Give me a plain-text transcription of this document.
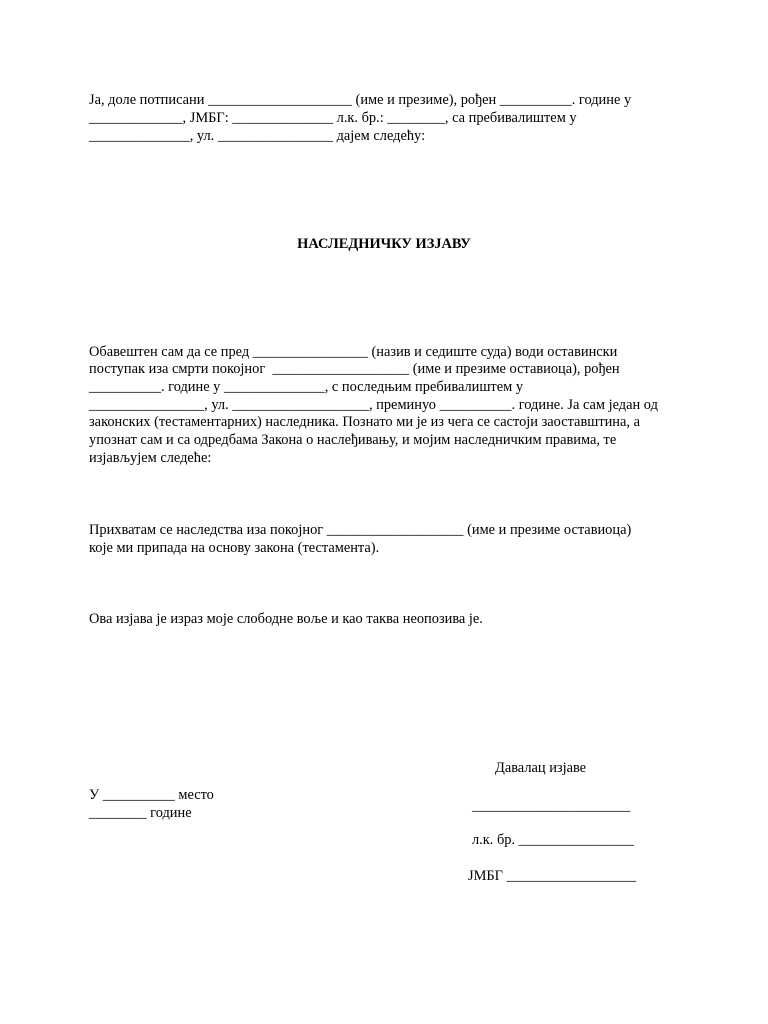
Ја, доле потписани ____________________ (име и презиме), рођен __________. године у

_____________, ЈМБГ: ______________ л.к. бр.: ________, са пребивалиштем у

______________, ул. ________________ дајем следећу:

НАСЛЕДНИЧКУ ИЗЈАВУ

Обавештен сам да се пред ________________ (назив и седиште суда) води оставински

поступак иза смрти покојног  ___________________ (име и презиме оставиоца), рођен

__________. године у ______________, с последњим пребивалиштем у

________________, ул. ___________________, преминуо __________. године. Ја сам један од

законских (тестаментарних) наследника. Познато ми је из чега се састоји заоставштина, а

упознат сам и са одредбама Закона о наслеђивању, и мојим наследничким правима, те

изјављујем следеће:

Прихватам се наследства иза покојног ___________________ (име и презиме оставиоца)

које ми припада на основу закона (тестамента).

Ова изјава је израз моје слободне воље и као таква неопозива је.

Давалац изјаве

У __________ место

________ године	______________________

л.к. бр. ________________

ЈМБГ __________________
